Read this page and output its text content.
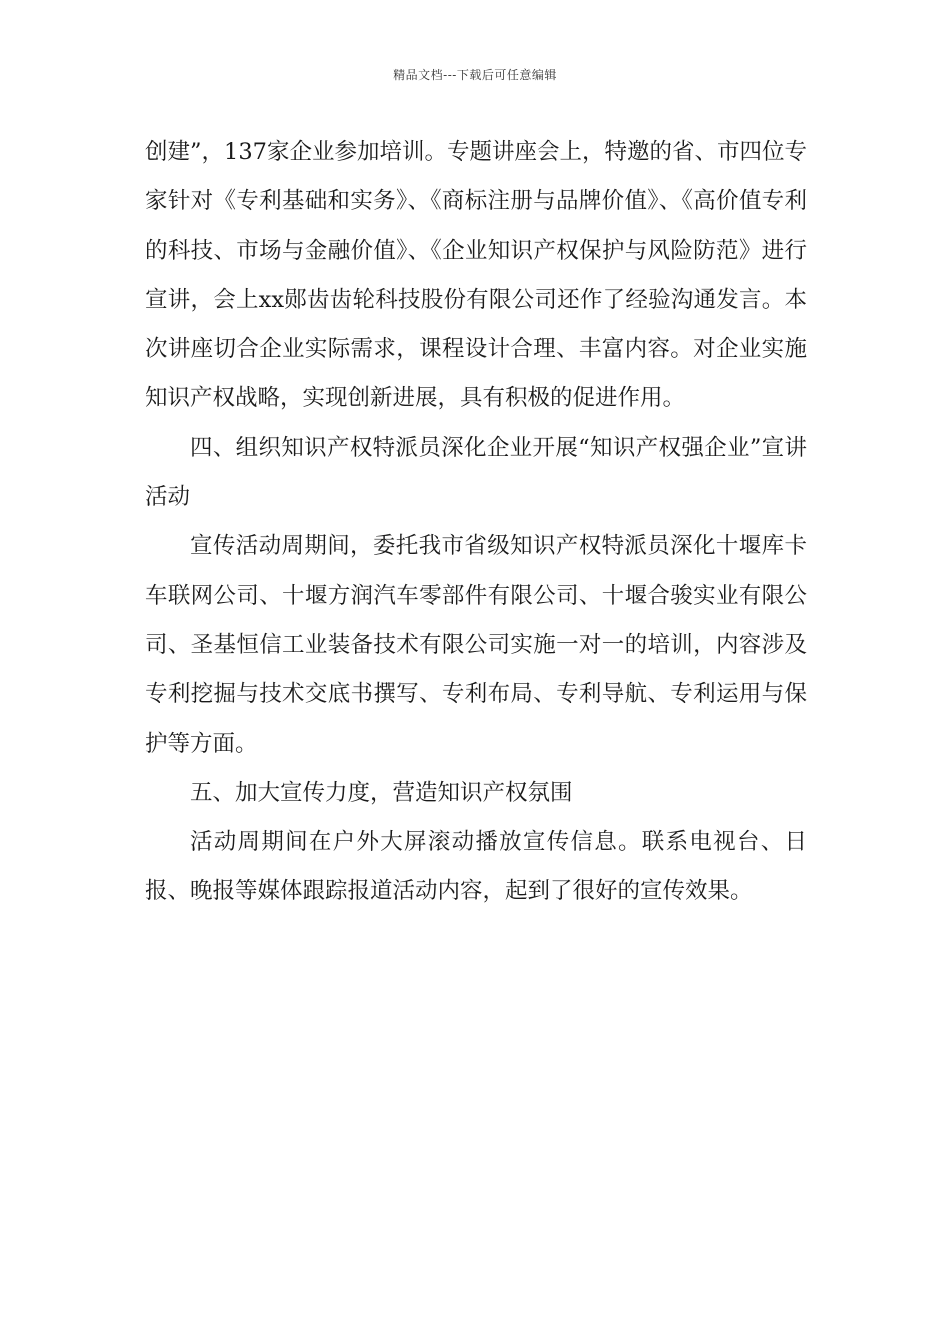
精品文档---下载后可任意编辑

创建”，137家企业参加培训。专题讲座会上，特邀的省、市四位专家针对《专利基础和实务》、《商标注册与品牌价值》、《高价值专利的科技、市场与金融价值》、《企业知识产权保护与风险防范》进行宣讲，会上xx郧齿齿轮科技股份有限公司还作了经验沟通发言。本次讲座切合企业实际需求，课程设计合理、丰富内容。对企业实施知识产权战略，实现创新进展，具有积极的促进作用。

四、组织知识产权特派员深化企业开展“知识产权强企业”宣讲活动

宣传活动周期间，委托我市省级知识产权特派员深化十堰库卡车联网公司、十堰方润汽车零部件有限公司、十堰合骏实业有限公司、圣基恒信工业装备技术有限公司实施一对一的培训，内容涉及专利挖掘与技术交底书撰写、专利布局、专利导航、专利运用与保护等方面。

五、加大宣传力度，营造知识产权氛围

活动周期间在户外大屏滚动播放宣传信息。联系电视台、日报、晚报等媒体跟踪报道活动内容，起到了很好的宣传效果。
